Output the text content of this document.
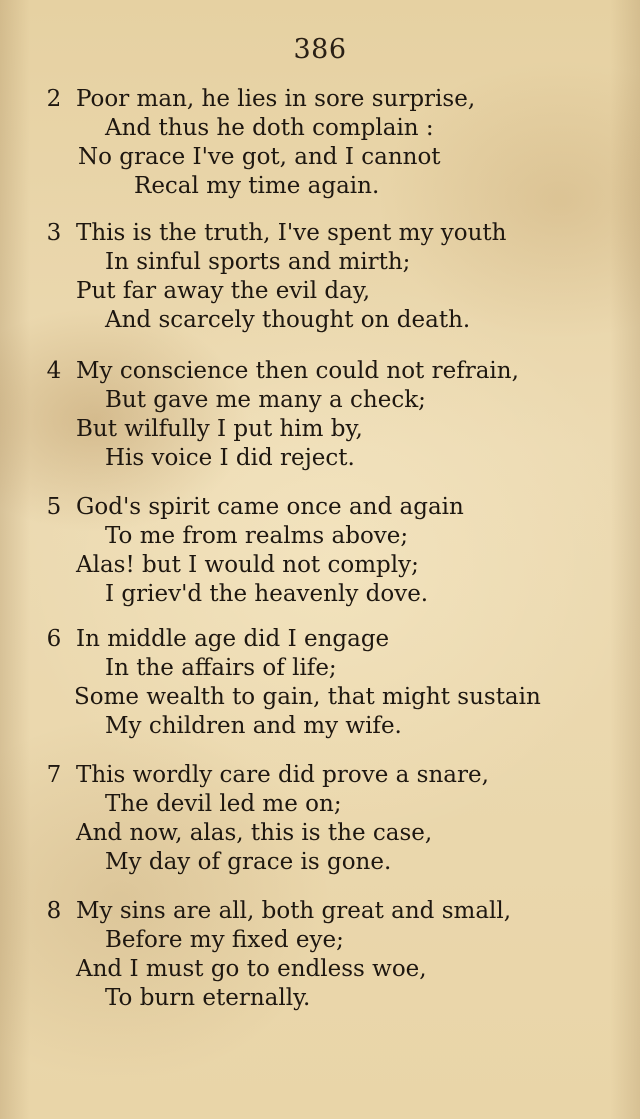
386
2 Poor man, he lies in sore surprise,
And thus he doth complain :
No grace I've got, and I cannot
Recal my time again.
3 This is the truth, I've spent my youth
In sinful sports and mirth;
Put far away the evil day,
And scarcely thought on death.
4 My conscience then could not refrain,
But gave me many a check;
But wilfully I put him by,
His voice I did reject.
5 God's spirit came once and again
To me from realms above;
Alas! but I would not comply;
I griev'd the heavenly dove.
6 In middle age did I engage
In the affairs of life;
Some wealth to gain, that might sustain
My children and my wife.
7 This wordly care did prove a snare,
The devil led me on;
And now, alas, this is the case,
My day of grace is gone.
8 My sins are all, both great and small,
Before my fixed eye;
And I must go to endless woe,
To burn eternally.
